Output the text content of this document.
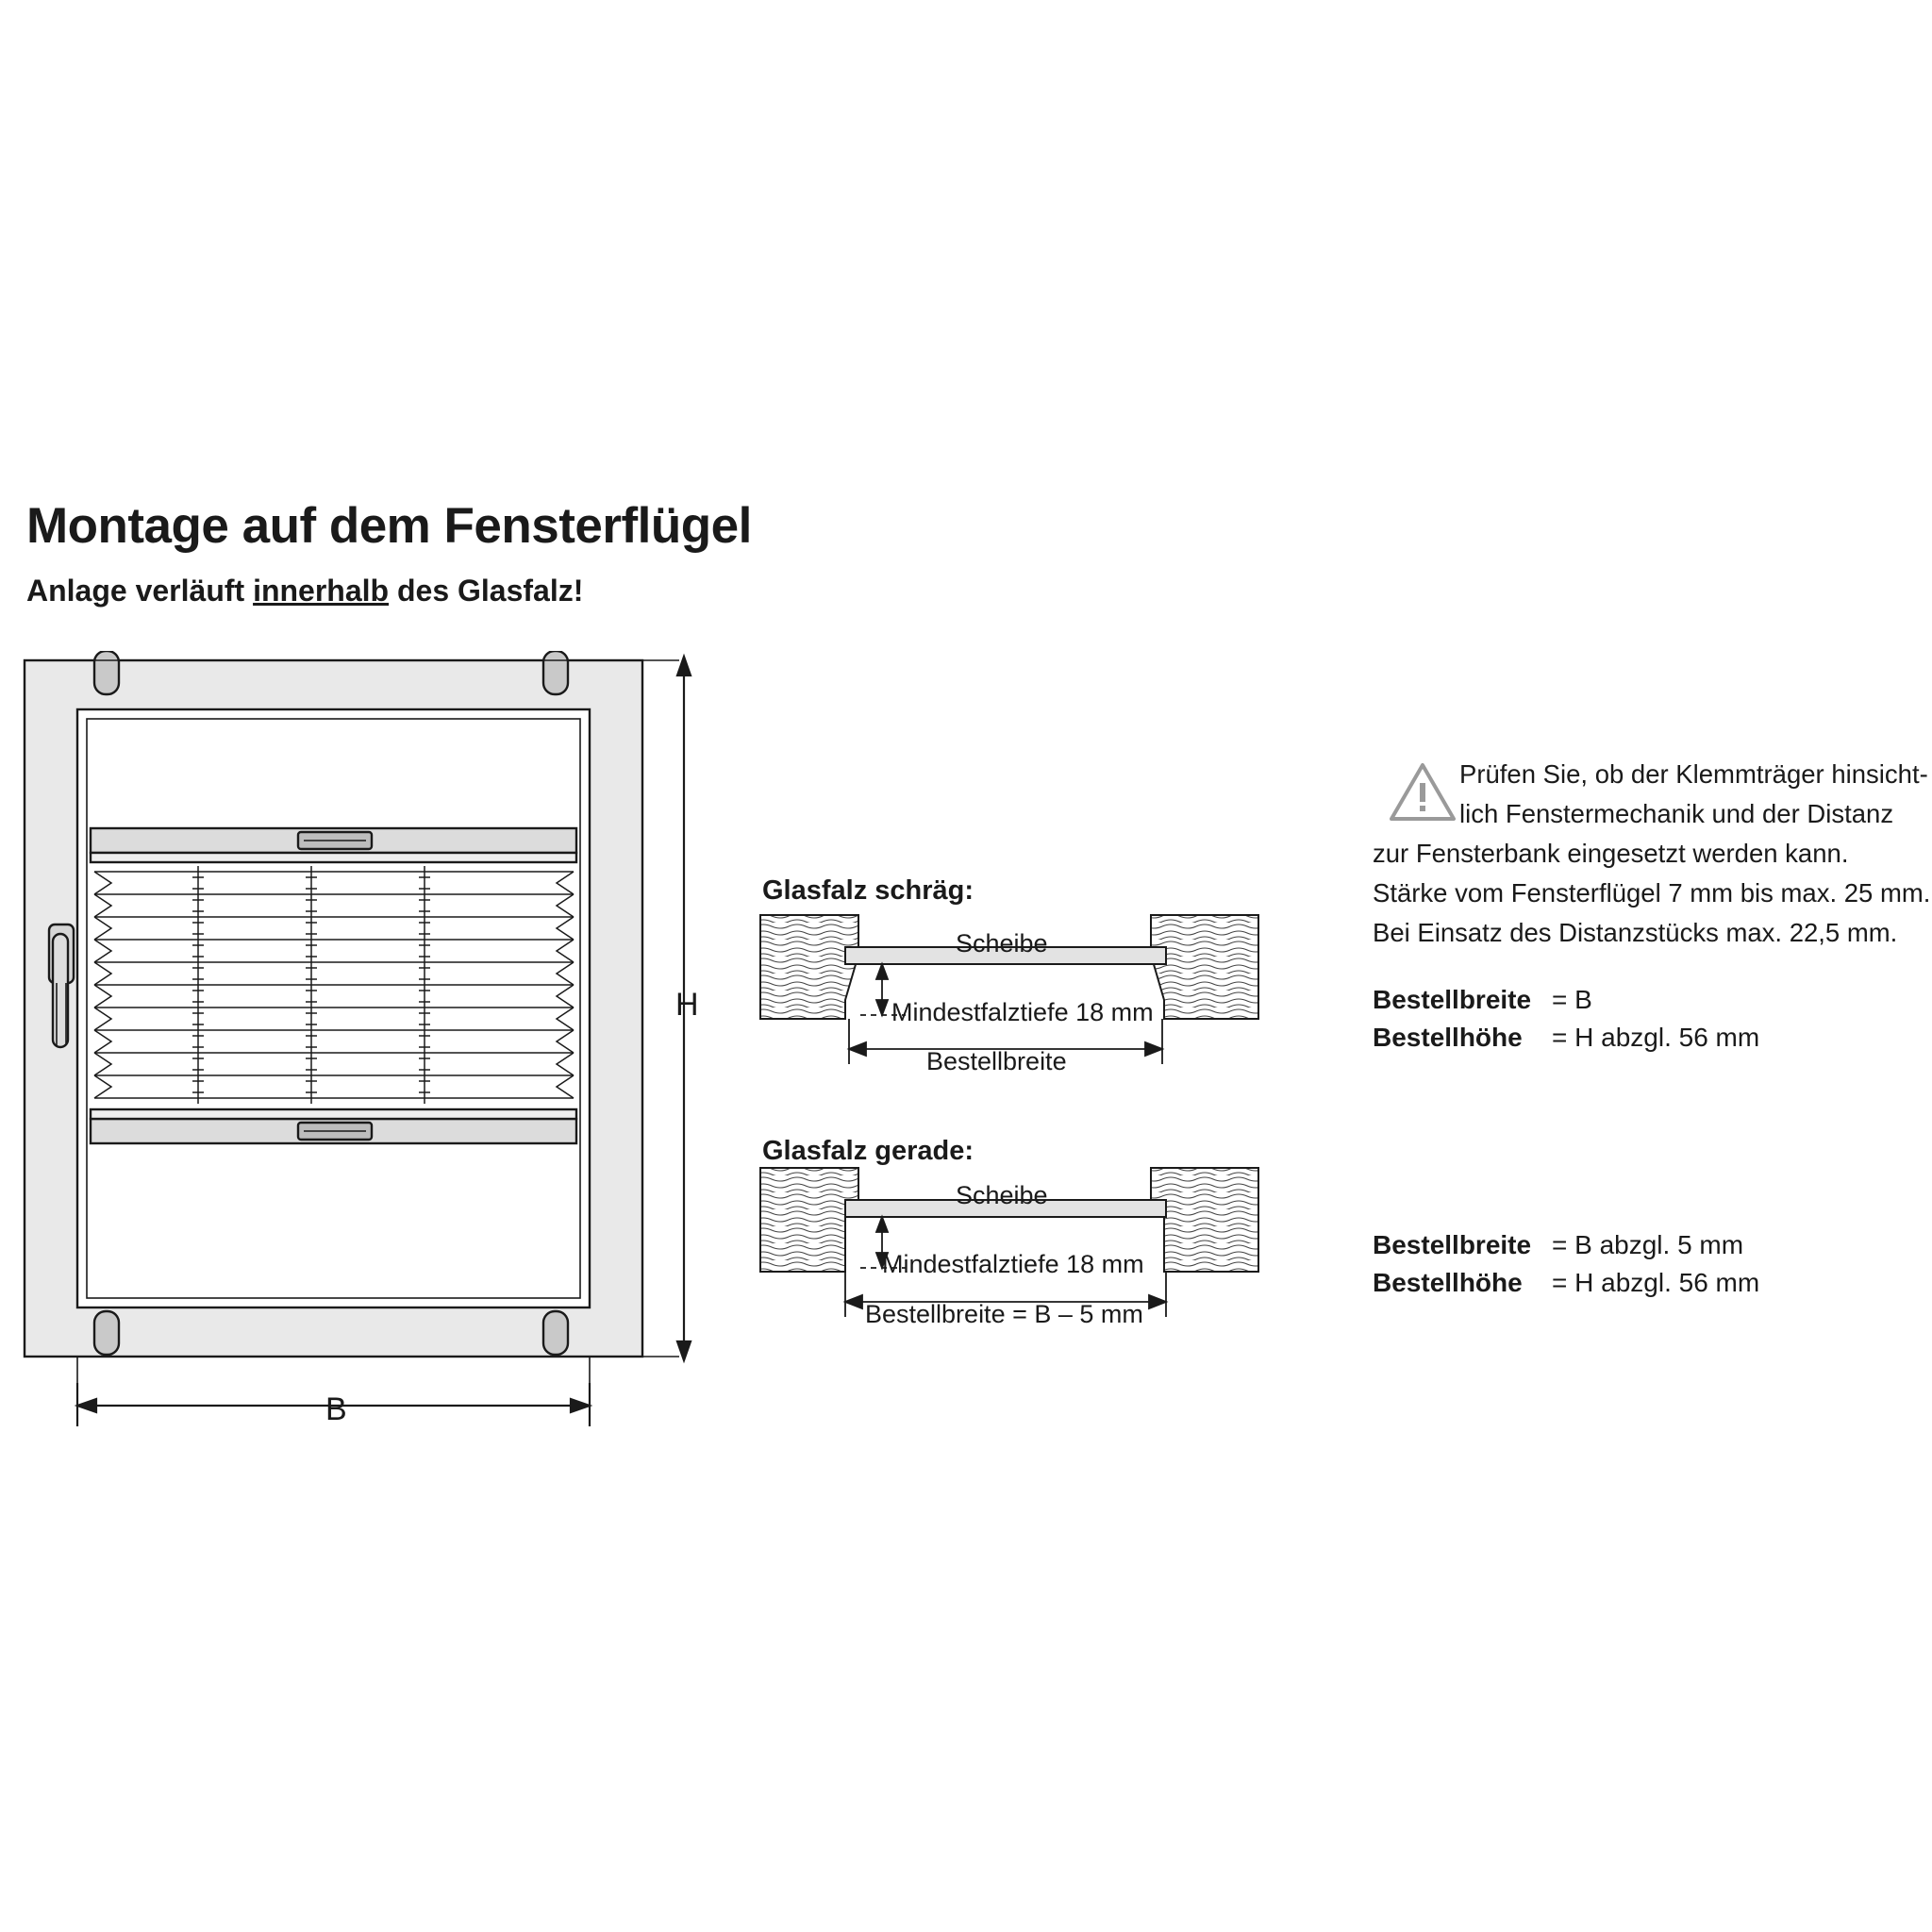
Montage auf dem Fensterflügel
Anlage verläuft innerhalb des Glasfalz!
H
B
Glasfalz schräg:
Scheibe
Mindestfalztiefe 18 mm
Bestellbreite
Glasfalz gerade:
Scheibe
Mindestfalztiefe 18 mm
Bestellbreite = B – 5 mm
Prüfen Sie, ob der Klemmträger hinsicht-
lich Fenstermechanik und der Distanz
zur Fensterbank eingesetzt werden kann.
Stärke vom Fensterflügel 7 mm bis max. 25 mm.
Bei Einsatz des Distanzstücks max. 22,5 mm.
Bestellbreite = B
Bestellhöhe	= H abzgl. 56 mm
Bestellbreite = B abzgl. 5 mm
Bestellhöhe	= H abzgl. 56 mm
